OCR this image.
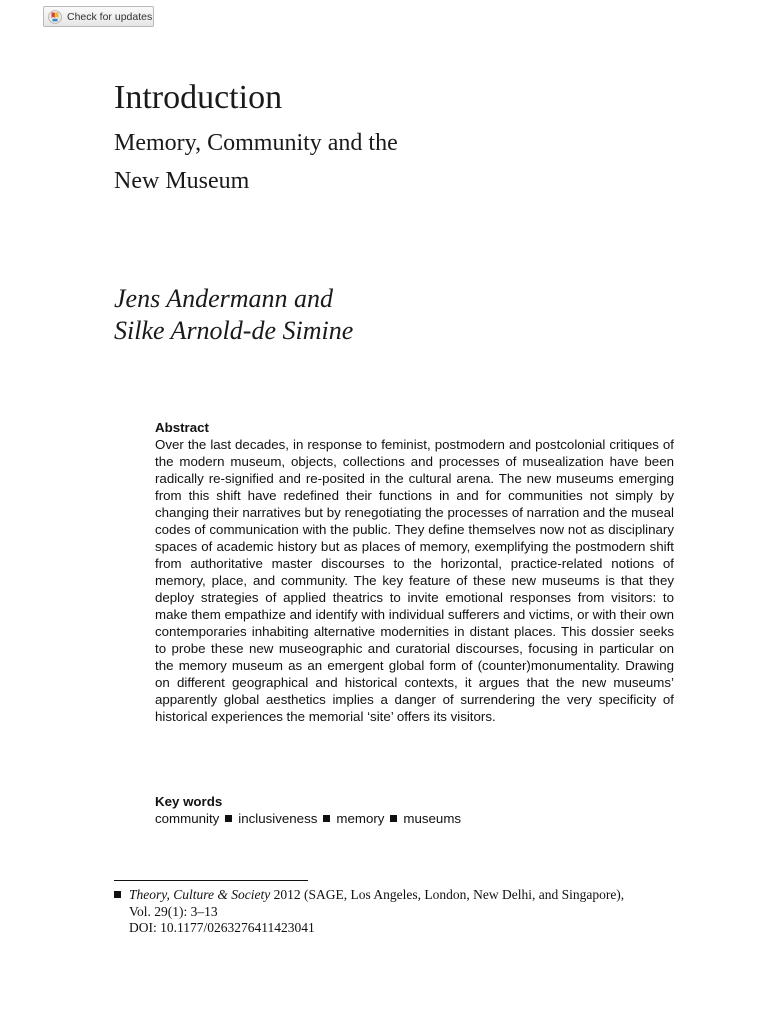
Check for updates
Introduction
Memory, Community and the
New Museum
Jens Andermann and
Silke Arnold-de Simine

Abstract

Over the last decades, in response to feminist, postmodern and postcolonial critiques of the modern museum, objects, collections and processes of musealization have been radically re-signified and re-posited in the cultural arena. The new museums emerging from this shift have redefined their functions in and for communities not simply by changing their narratives but by renegotiating the processes of narration and the museal codes of communication with the public. They define themselves now not as disciplinary spaces of academic history but as places of memory, exemplifying the postmodern shift from authoritative master discourses to the horizontal, practice-related notions of memory, place, and community. The key feature of these new museums is that they deploy strategies of applied theatrics to invite emotional responses from visitors: to make them empathize and identify with individual sufferers and victims, or with their own contemporaries inhabiting alternative modernities in distant places. This dossier seeks to probe these new museographic and curatorial discourses, focusing in particular on the memory museum as an emergent global form of (counter)monumentality. Drawing on different geographical and historical contexts, it argues that the new museums’ apparently global aesthetics implies a danger of surrendering the very specificity of historical experiences the memorial ‘site’ offers its visitors.

Key words
community inclusiveness memory museums
Theory, Culture & Society 2012 (SAGE, Los Angeles, London, New Delhi, and Singapore),
Vol. 29(1): 3–13
DOI: 10.1177/0263276411423041
